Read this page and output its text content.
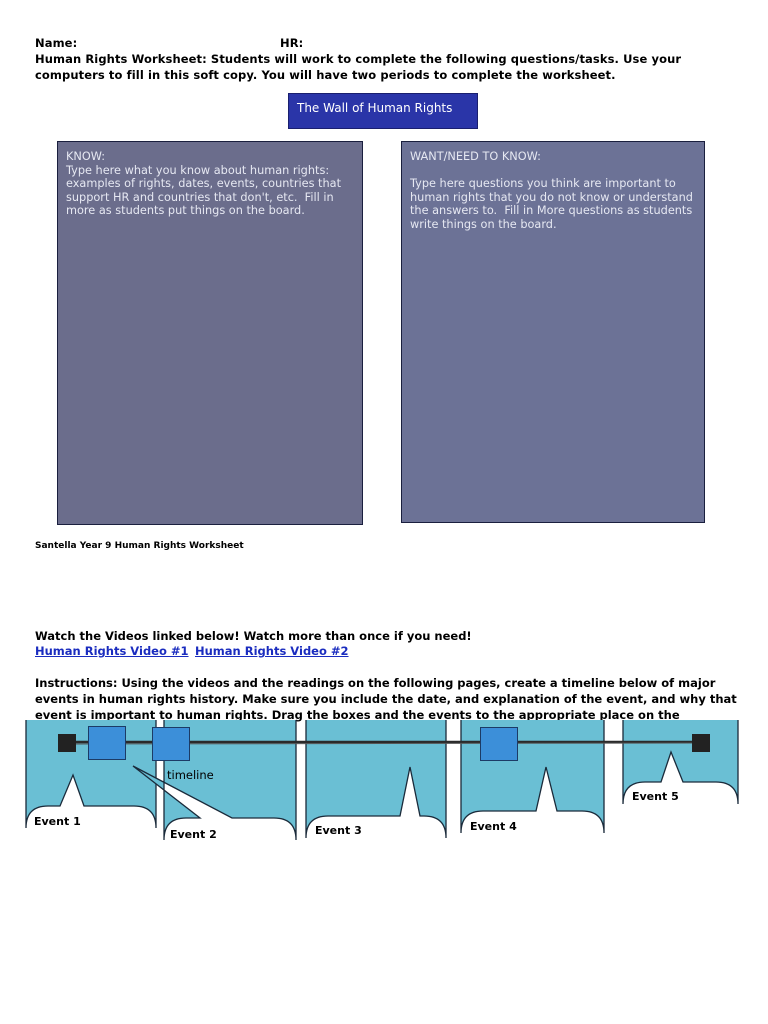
Name:	HR:
Human Rights Worksheet: Students will work to complete the following questions/tasks. Use your
computers to fill in this soft copy. You will have two periods to complete the worksheet.
The Wall of Human Rights
KNOW:
Type here what you know about human rights: examples of rights, dates, events, countries that support HR and countries that don't, etc.  Fill in more as students put things on the board.
WANT/NEED TO KNOW:

Type here questions you think are important to human rights that you do not know or understand the answers to.  Fill in More questions as students write things on the board.
Santella Year 9 Human Rights Worksheet
Watch the Videos linked below! Watch more than once if you need!
Human Rights Video #1 Human Rights Video #2
Instructions: Using the videos and the readings on the following pages, create a timeline below of major
events in human rights history. Make sure you include the date, and explanation of the event, and why that
event is important to human rights. Drag the boxes and the events to the appropriate place on the
timeline
Event 1
Event 2	Event 3	Event 4
Event 5
